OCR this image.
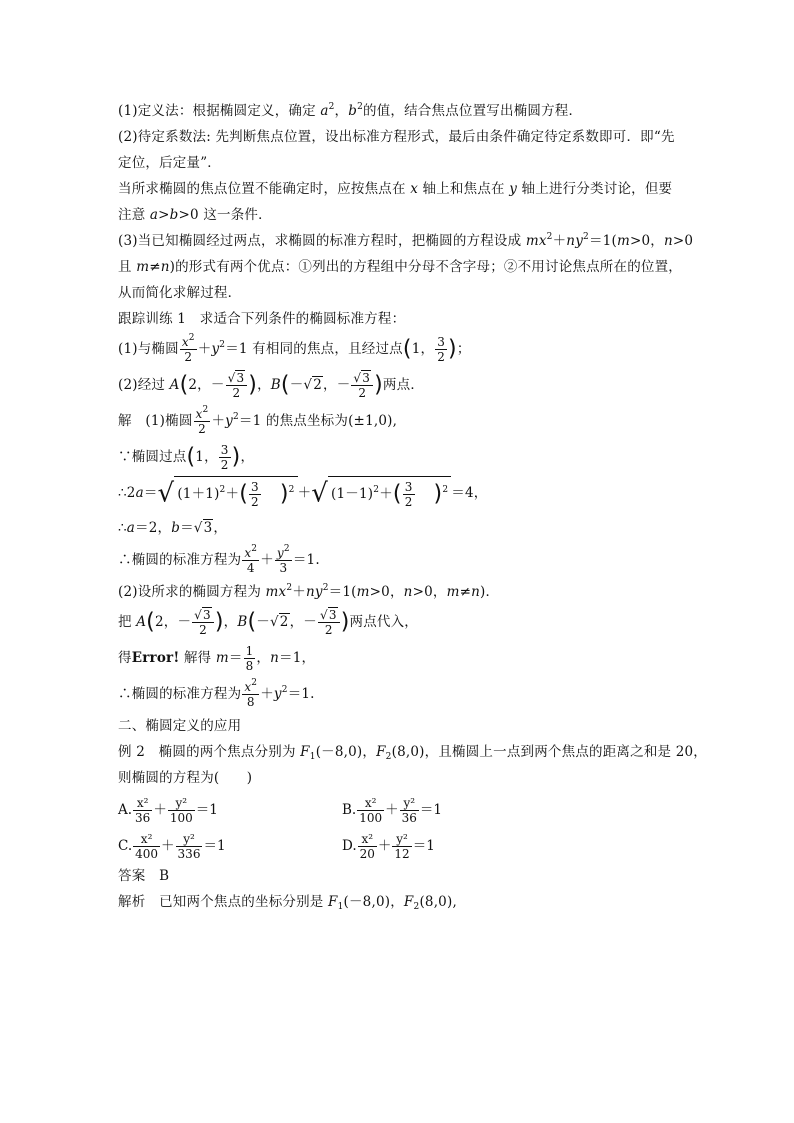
(1)定义法：根据椭圆定义，确定 $a^2$，$b^2$的值，结合焦点位置写出椭圆方程．
(2)待定系数法: 先判断焦点位置，设出标准方程形式，最后由条件确定待定系数即可．即“先
定位，后定量”．
当所求椭圆的焦点位置不能确定时，应按焦点在 x 轴上和焦点在 y 轴上进行分类讨论，但要
注意 a>b>0 这一条件．
(3)当已知椭圆经过两点，求椭圆的标准方程时，把椭圆的方程设成 $mx^2+ny^2=1(m>0$，n>0
且 m≠n)的形式有两个优点：①列出的方程组中分母不含字母；②不用讨论焦点所在的位置，
从而简化求解过程．
跟踪训练 1　求适合下列条件的椭圆标准方程：
(1)与椭圆 $\frac{x^2}{2} +y^2=1$ 有相同的焦点，且经过点(1， $\frac{3}{2}$ )；
(2)经过 A(2，－ $\frac{√3}{2}$ )，B(－√2，－ $\frac{√3}{2}$ )两点．
解　(1)椭圆 $\frac{x^2}{2} +y^2=1$ 的焦点坐标为(±1,0),
∵椭圆过点(1， $\frac{3}{2}$ )，
∴2a＝√ $(1+1)^2+( \frac{3}{2} )^2$ ＋√ $(1-1)^2+( \frac{3}{2} )^2 =4$，
∴a＝2，b＝√3，
∴椭圆的标准方程为 $\frac{x^2}{4} + \frac{y^2}{3} =1$.
(2)设所求的椭圆方程为 $mx^2+ny^2=1(m>0$，n>0，m≠n)．
把 A(2，－ $\frac{√3}{2}$ )，B(－√2，－ $\frac{√3}{2}$ )两点代入，
得Error! 解得 $m= \frac{1}{8}$ ，n＝1，
∴椭圆的标准方程为 $\frac{x^2}{8} +y^2=1$.
二、椭圆定义的应用
例 2　椭圆的两个焦点分别为 $F_1(-8,0)$，$F_2(8,0)$，且椭圆上一点到两个焦点的距离之和是 20，
则椭圆的方程为(　　)
A. $\frac{\text{x²}}{36} + \frac{\text{y²}}{100} =1$	B. $\frac{\text{x²}}{100} + \frac{\text{y²}}{36} =1$
C. $\frac{\text{x²}}{400} + \frac{\text{y²}}{336} =1$	D. $\frac{\text{x²}}{20} + \frac{\text{y²}}{12} =1$
答案　B
解析　已知两个焦点的坐标分别是 $F_1(-8,0)$，$F_2(8,0)$,
